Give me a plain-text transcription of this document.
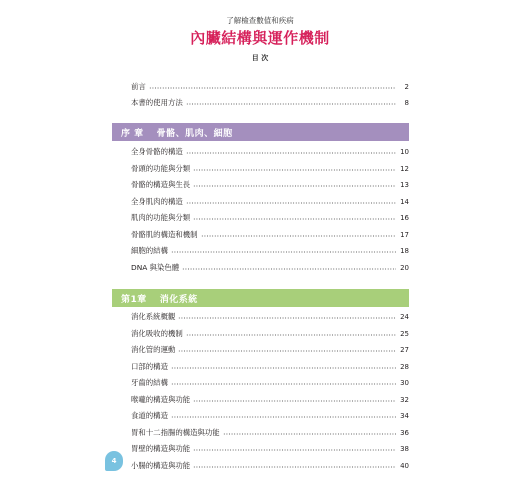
了解檢查數值和疾病
內臟結構與運作機制
目 次
前言	2
本書的使用方法	8
序 章	骨骼、肌肉、細胞
全身骨骼的構造	10
骨頭的功能與分類	12
骨骼的構造與生長	13
全身肌肉的構造	14
肌肉的功能與分類	16
骨骼肌的構造和機制	17
細胞的結構	18
DNA 與染色體	20
第1章	消化系統
消化系統概觀	24
消化吸收的機制	25
消化管的運動	27
口部的構造	28
牙齒的結構	30
喉嚨的構造與功能	32
食道的構造	34
胃和十二指腸的構造與功能	36
胃壁的構造與功能	38
小腸的構造與功能	40
4
